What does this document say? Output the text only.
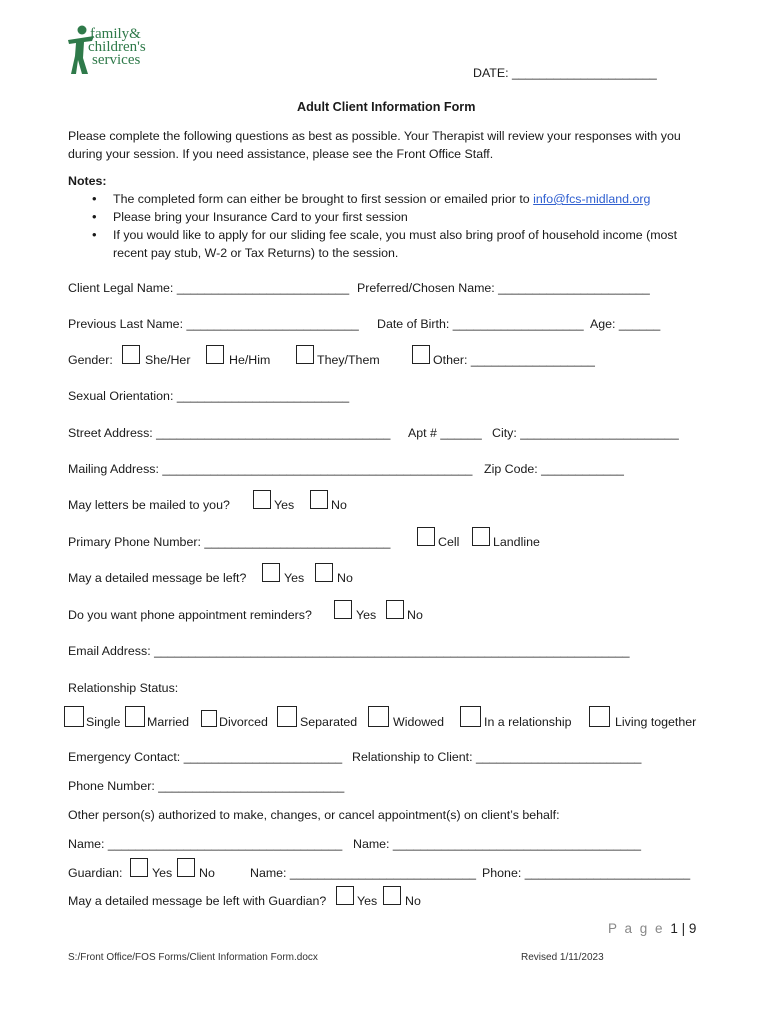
family&
children's
services
DATE: _____________________
Adult Client Information Form
Please complete the following questions as best as possible. Your Therapist will review your responses with you
during your session. If you need assistance, please see the Front Office Staff.
Notes:
• The completed form can either be brought to first session or emailed prior to info@fcs-midland.org
• Please bring your Insurance Card to your first session
• If you would like to apply for our sliding fee scale, you must also bring proof of household income (most
recent pay stub, W-2 or Tax Returns) to the session.
Client Legal Name: _________________________ Preferred/Chosen Name: ______________________
Previous Last Name: _________________________ Date of Birth: ___________________ Age: ______
Gender:	She/Her	He/Him	They/Them	Other: __________________
Sexual Orientation: _________________________
Street Address: __________________________________ Apt # ______ City: _______________________
Mailing Address: _____________________________________________ Zip Code: ____________
May letters be mailed to you?	Yes	No
Primary Phone Number: ___________________________	Cell	Landline
May a detailed message be left?	Yes	No
Do you want phone appointment reminders?	Yes No
Email Address: _____________________________________________________________________
Relationship Status:
Single Married Divorced	Separated	Widowed	In a relationship	Living together
Emergency Contact: _______________________ Relationship to Client: ________________________
Phone Number: ___________________________
Other person(s) authorized to make, changes, or cancel appointment(s) on client’s behalf:
Name: __________________________________ Name: ____________________________________
Guardian: Yes No	Name: ___________________________ Phone: ________________________
May a detailed message be left with Guardian? Yes No
P a g e 1 | 9
S:/Front Office/FOS Forms/Client Information Form.docx	Revised 1/11/2023
